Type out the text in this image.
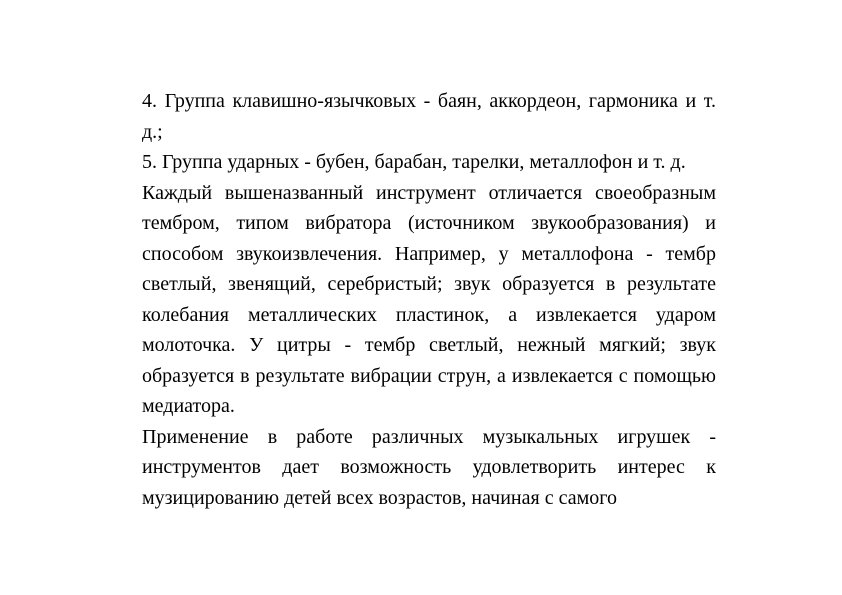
4. Группа клавишно-язычковых - баян, аккордеон, гармоника и т. д.;

5. Группа ударных - бубен, барабан, тарелки, металлофон и т. д.

Каждый вышеназванный инструмент отличается своеобразным тембром, типом вибратора (источником звукообразования) и способом звукоизвлечения. Например, у металлофона - тембр светлый, звенящий, серебристый; звук образуется в результате колебания металлических пластинок, а извлекается ударом молоточка. У цитры - тембр светлый, нежный мягкий; звук образуется в результате вибрации струн, а извлекается с помощью медиатора.

Применение в работе различных музыкальных игрушек - инструментов дает возможность удовлетворить интерес к музицированию детей всех возрастов, начиная с самого
